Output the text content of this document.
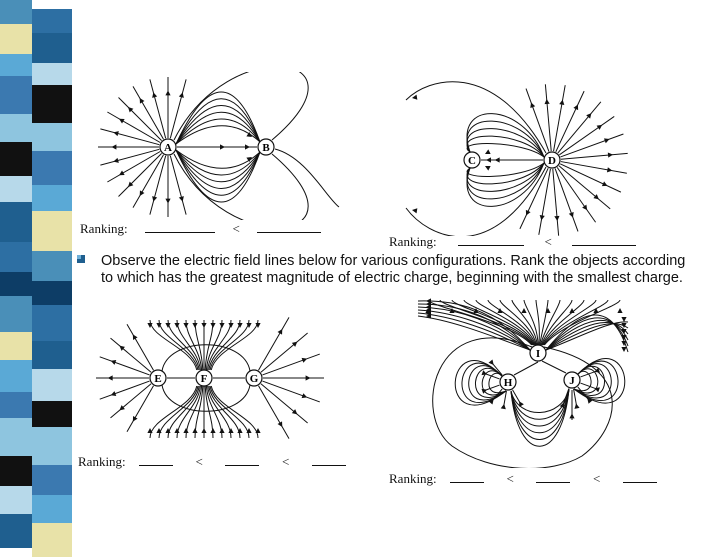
A	B
Ranking:	<
C	D
Ranking:	<
Observe the electric field lines below for various configurations. Rank the objects according
to which has the greatest magnitude of electric charge, beginning with the smallest charge.
E	F	G
Ranking:	<	<
I
H	J
Ranking:	<	<
